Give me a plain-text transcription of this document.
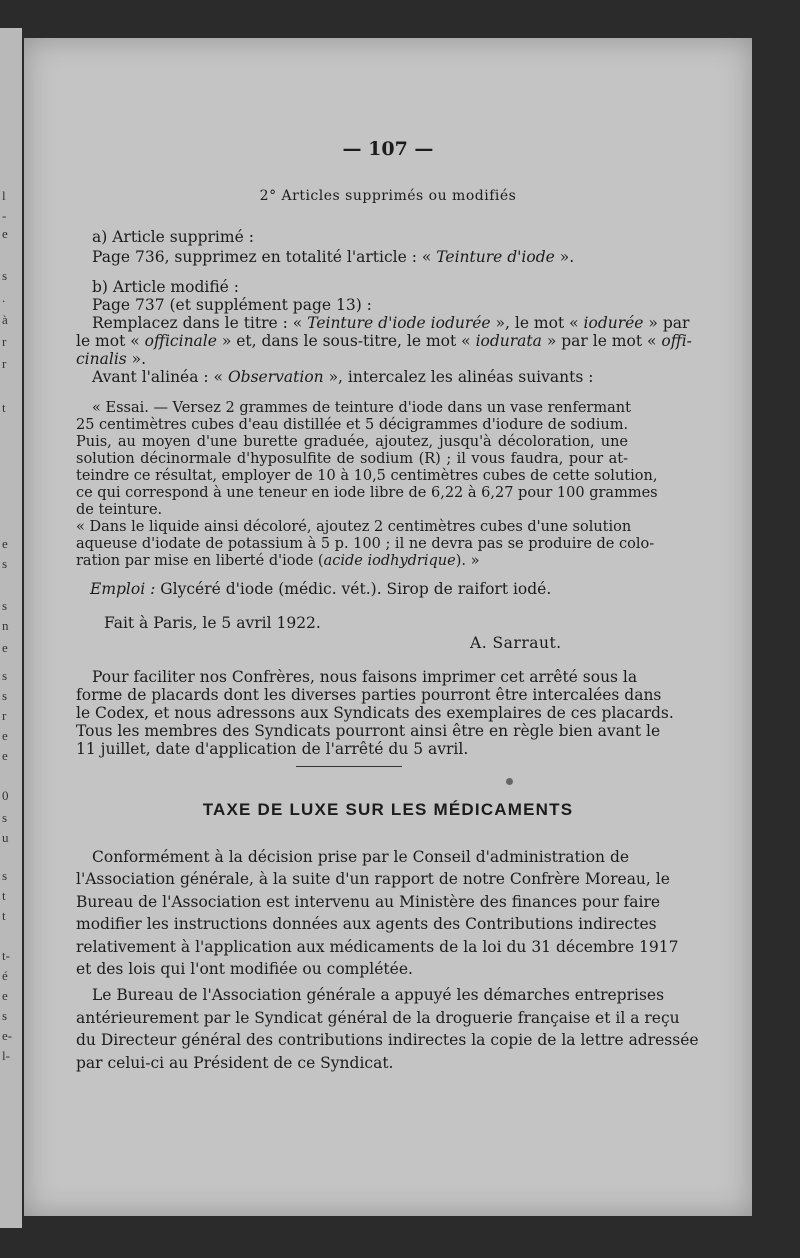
l
-
e
s
.
à
r
r
t
e
s
s
n
e
s
s
r
e
e
0
s
u
s
t
t
t-
é
e
s
e-
l-
— 107 —
2° Articles supprimés ou modifiés
a) Article supprimé :
Page 736, supprimez en totalité l'article : « Teinture d'iode ».
b) Article modifié :
Page 737 (et supplément page 13) :
Remplacez dans le titre : « Teinture d'iode iodurée », le mot « iodurée » par
le mot « officinale » et, dans le sous-titre, le mot « iodurata » par le mot « offi-
cinalis ».
Avant l'alinéa : « Observation », intercalez les alinéas suivants :
« Essai. — Versez 2 grammes de teinture d'iode dans un vase renfermant
25 centimètres cubes d'eau distillée et 5 décigrammes d'iodure de sodium.
Puis, au moyen d'une burette graduée, ajoutez, jusqu'à décoloration, une
solution décinormale d'hyposulfite de sodium (R) ; il vous faudra, pour at-
teindre ce résultat, employer de 10 à 10,5 centimètres cubes de cette solution,
ce qui correspond à une teneur en iode libre de 6,22 à 6,27 pour 100 grammes
de teinture.
« Dans le liquide ainsi décoloré, ajoutez 2 centimètres cubes d'une solution
aqueuse d'iodate de potassium à 5 p. 100 ; il ne devra pas se produire de colo-
ration par mise en liberté d'iode (acide iodhydrique). »
Emploi : Glycéré d'iode (médic. vét.). Sirop de raifort iodé.
Fait à Paris, le 5 avril 1922.
A. Sarraut.
Pour faciliter nos Confrères, nous faisons imprimer cet arrêté sous la
forme de placards dont les diverses parties pourront être intercalées dans
le Codex, et nous adressons aux Syndicats des exemplaires de ces placards.
Tous les membres des Syndicats pourront ainsi être en règle bien avant le
11 juillet, date d'application de l'arrêté du 5 avril.
TAXE DE LUXE SUR LES MÉDICAMENTS
Conformément à la décision prise par le Conseil d'administration de
l'Association générale, à la suite d'un rapport de notre Confrère Moreau, le
Bureau de l'Association est intervenu au Ministère des finances pour faire
modifier les instructions données aux agents des Contributions indirectes
relativement à l'application aux médicaments de la loi du 31 décembre 1917
et des lois qui l'ont modifiée ou complétée.
Le Bureau de l'Association générale a appuyé les démarches entreprises
antérieurement par le Syndicat général de la droguerie française et il a reçu
du Directeur général des contributions indirectes la copie de la lettre adressée
par celui-ci au Président de ce Syndicat.
